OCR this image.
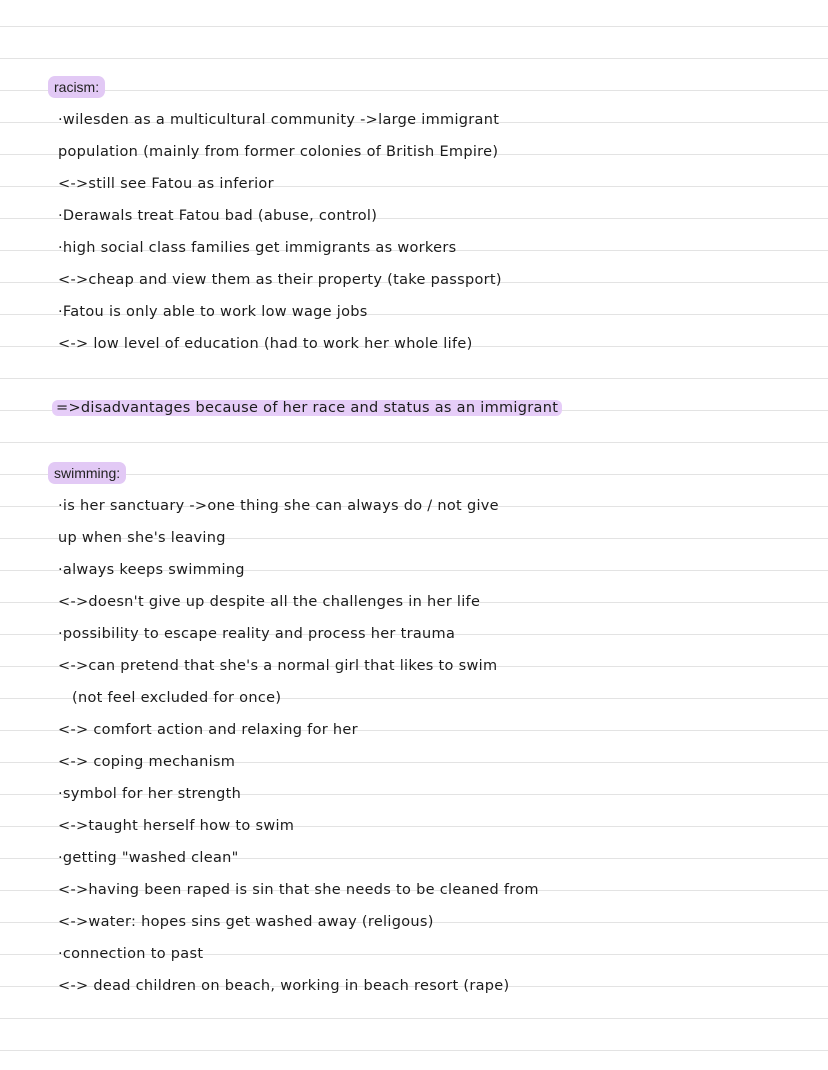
racism:
·wilesden as a multicultural community ->large immigrant
population (mainly from former colonies of British Empire)
<->still see Fatou as inferior
·Derawals treat Fatou bad (abuse, control)
·high social class families get immigrants as workers
<->cheap and view them as their property (take passport)
·Fatou is only able to work low wage jobs
<-> low level of education (had to work her whole life)
=>disadvantages because of her race and status as an immigrant
swimming:
·is her sanctuary ->one thing she can always do / not give
up when she's leaving
·always keeps swimming
<->doesn't give up despite all the challenges in her life
·possibility to escape reality and process her trauma
<->can pretend that she's a normal girl that likes to swim
(not feel excluded for once)
<-> comfort action and relaxing for her
<-> coping mechanism
·symbol for her strength
<->taught herself how to swim
·getting "washed clean"
<->having been raped is sin that she needs to be cleaned from
<->water: hopes sins get washed away (religous)
·connection to past
<-> dead children on beach, working in beach resort (rape)
